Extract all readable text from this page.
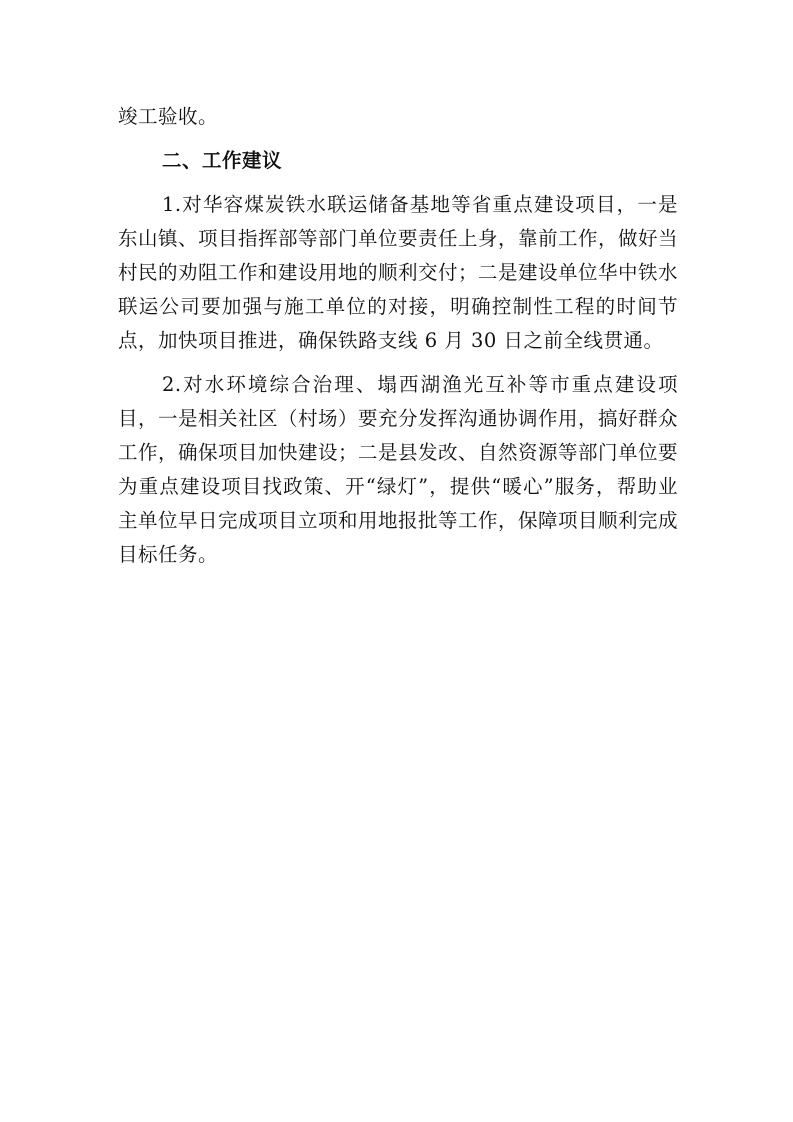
竣工验收。

二、工作建议

1.对华容煤炭铁水联运储备基地等省重点建设项目，一是东山镇、项目指挥部等部门单位要责任上身，靠前工作，做好当村民的劝阻工作和建设用地的顺利交付；二是建设单位华中铁水联运公司要加强与施工单位的对接，明确控制性工程的时间节点，加快项目推进，确保铁路支线 6 月 30 日之前全线贯通。

2.对水环境综合治理、塌西湖渔光互补等市重点建设项目，一是相关社区（村场）要充分发挥沟通协调作用，搞好群众工作，确保项目加快建设；二是县发改、自然资源等部门单位要为重点建设项目找政策、开“绿灯”，提供“暖心”服务，帮助业主单位早日完成项目立项和用地报批等工作，保障项目顺利完成目标任务。
